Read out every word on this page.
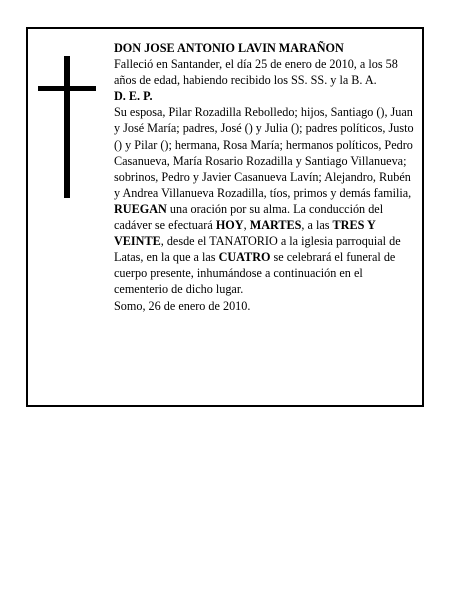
DON JOSE ANTONIO LAVIN MARAÑON

Falleció en Santander, el día 25 de enero de 2010, a los 58 años de edad, habiendo recibido los SS. SS. y la B. A.

D. E. P.

Su esposa, Pilar Rozadilla Rebolledo; hijos, Santiago (), Juan y José María; padres, José () y Julia (); padres políticos, Justo () y Pilar (); hermana, Rosa María; hermanos políticos, Pedro Casanueva, María Rosario Rozadilla y Santiago Villanueva; sobrinos, Pedro y Javier Casanueva Lavín; Alejandro, Rubén y Andrea Villanueva Rozadilla, tíos, primos y demás familia,

RUEGAN una oración por su alma. La conducción del cadáver se efectuará HOY, MARTES, a las TRES Y VEINTE, desde el TANATORIO a la iglesia parroquial de Latas, en la que a las CUATRO se celebrará el funeral de cuerpo presente, inhumándose a continuación en el cementerio de dicho lugar.

Somo, 26 de enero de 2010.
